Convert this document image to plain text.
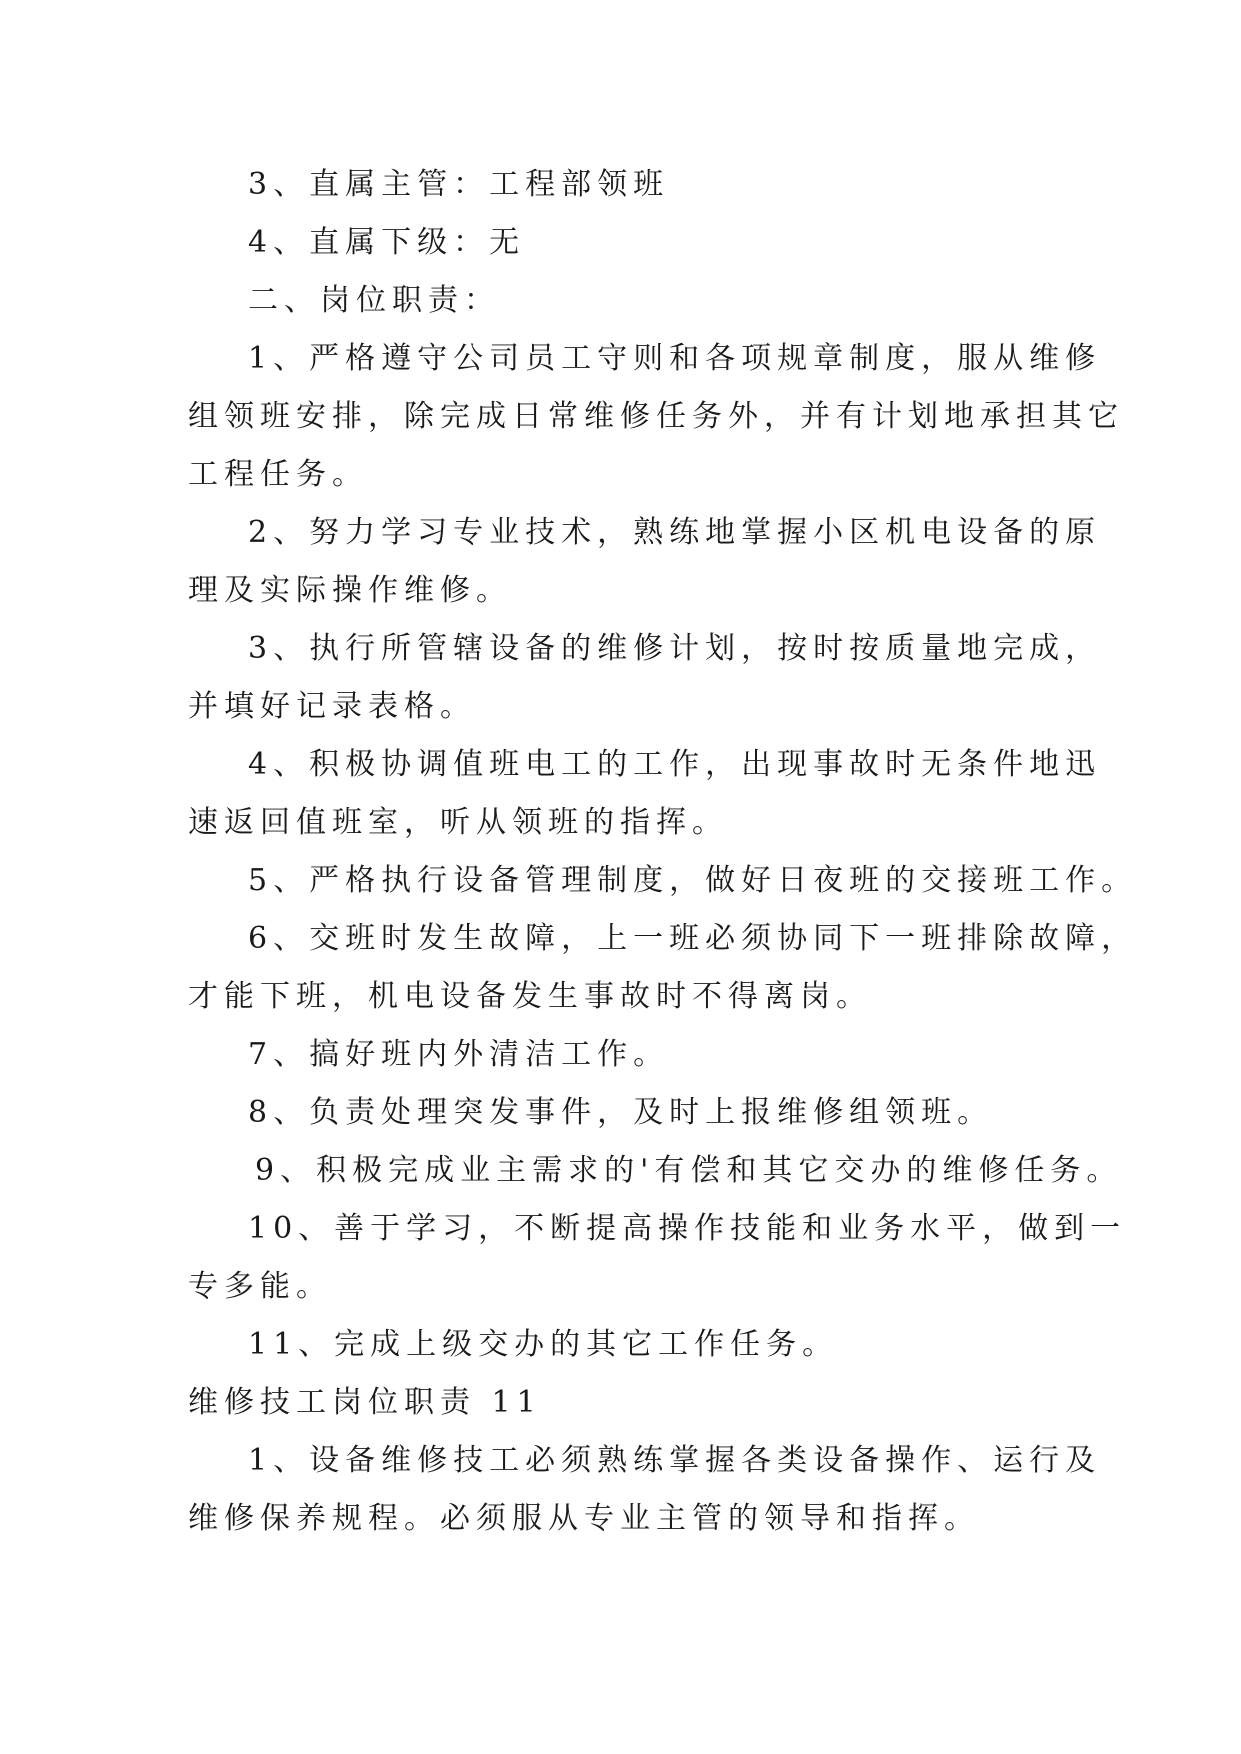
3、直属主管：工程部领班

4、直属下级：无

二、岗位职责：

1、严格遵守公司员工守则和各项规章制度，服从维修

组领班安排，除完成日常维修任务外，并有计划地承担其它

工程任务。

2、努力学习专业技术，熟练地掌握小区机电设备的原

理及实际操作维修。

3、执行所管辖设备的维修计划，按时按质量地完成，

并填好记录表格。

4、积极协调值班电工的工作，出现事故时无条件地迅

速返回值班室，听从领班的指挥。

5、严格执行设备管理制度，做好日夜班的交接班工作。

6、交班时发生故障，上一班必须协同下一班排除故障，

才能下班，机电设备发生事故时不得离岗。

7、搞好班内外清洁工作。

8、负责处理突发事件，及时上报维修组领班。

9、积极完成业主需求的'有偿和其它交办的维修任务。

10、善于学习，不断提高操作技能和业务水平，做到一

专多能。

11、完成上级交办的其它工作任务。

维修技工岗位职责 11

1、设备维修技工必须熟练掌握各类设备操作、运行及

维修保养规程。必须服从专业主管的领导和指挥。
